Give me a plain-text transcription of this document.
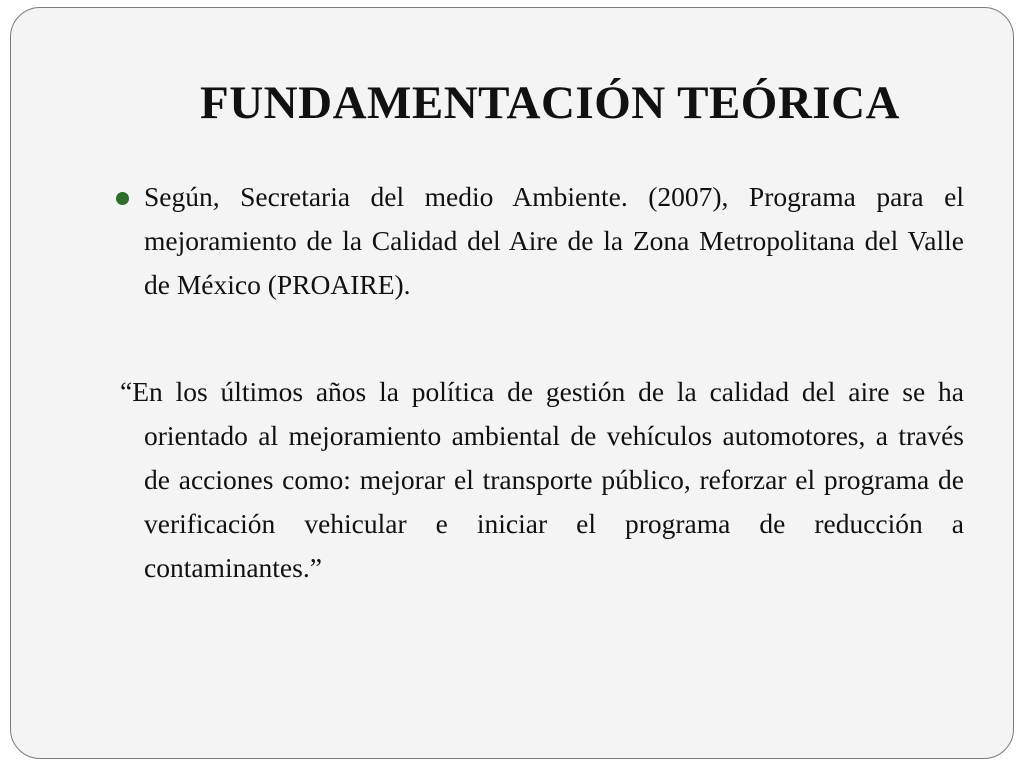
FUNDAMENTACIÓN TEÓRICA

Según, Secretaria del medio Ambiente. (2007), Programa para el mejoramiento de la Calidad del Aire de la Zona Metropolitana del Valle de México (PROAIRE).

“En los últimos años la política de gestión de la calidad del aire se ha orientado al mejoramiento ambiental de vehículos automotores, a través de acciones como: mejorar el transporte público, reforzar el programa de verificación vehicular e iniciar el programa de reducción a contaminantes.”
